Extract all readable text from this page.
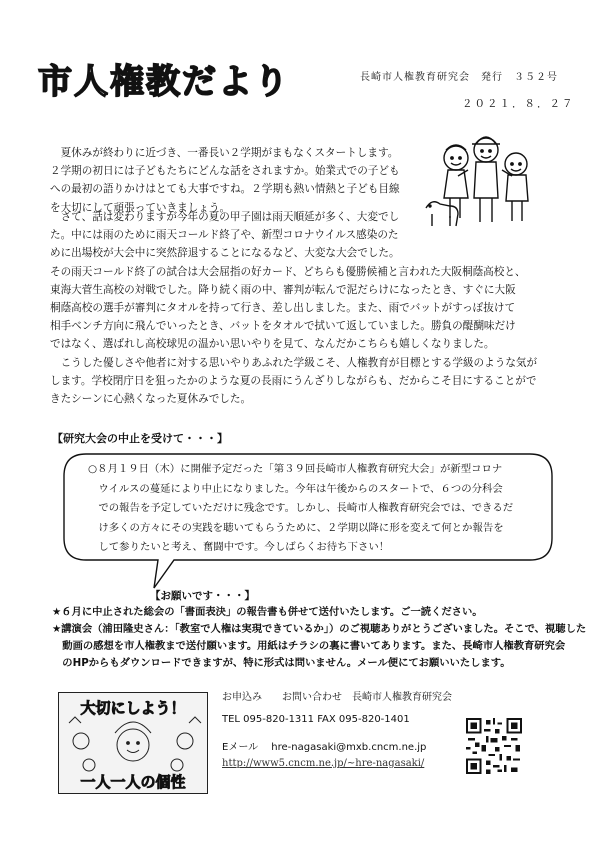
市人権教だより	長崎市人権教育研究会　発行　３５２号
２０２１．８．２７

　夏休みが終わりに近づき、一番長い２学期がまもなくスタートします。

２学期の初日には子どもたちにどんな話をされますか。始業式での子ども

への最初の語りかけはとても大事ですね。２学期も熱い情熱と子ども目線

を大切にして頑張っていきましょう。

　さて、話は変わりますが今年の夏の甲子園は雨天順延が多く、大変でし

た。中には雨のために雨天コールド終了や、新型コロナウイルス感染のた

めに出場校が大会中に突然辞退することになるなど、大変な大会でした。

その雨天コールド終了の試合は大会屈指の好カード、どちらも優勝候補と言われた大阪桐蔭高校と、

東海大菅生高校の対戦でした。降り続く雨の中、審判が転んで泥だらけになったとき、すぐに大阪

桐蔭高校の選手が審判にタオルを持って行き、差し出しました。また、雨でバットがすっぽ抜けて

相手ベンチ方向に飛んでいったとき、バットをタオルで拭いて返していました。勝負の醍醐味だけ

ではなく、選ばれし高校球児の温かい思いやりを見て、なんだかこちらも嬉しくなりました。

　こうした優しさや他者に対する思いやりあふれた学級こそ、人権教育が目標とする学級のような気が

します。学校閉庁日を狙ったかのような夏の長雨にうんざりしながらも、だからこそ目にすることがで

きたシーンに心熱くなった夏休みでした。

【研究大会の中止を受けて・・・】
○８月１９日（木）に開催予定だった「第３９回長崎市人権教育研究大会」が新型コロナ
　ウイルスの蔓延により中止になりました。今年は午後からのスタートで、６つの分科会
　での報告を予定していただけに残念です。しかし、長崎市人権教育研究会では、できるだ
　け多くの方々にその実践を聴いてもらうために、２学期以降に形を変えて何とか報告を
　して参りたいと考え、奮闘中です。今しばらくお待ち下さい！
【お願いです・・・】

★６月に中止された総会の「書面表決」の報告書も併せて送付いたします。ご一読ください。

★講演会（浦田隆史さん：「教室で人権は実現できているか」）のご視聴ありがとうございました。そこで、視聴した

　動画の感想を市人権教まで送付願います。用紙はチラシの裏に書いてあります。また、長崎市人権教育研究会

　のHPからもダウンロードできますが、特に形式は問いません。メール便にてお願いいたします。

大切にしよう！
一人一人の個性
お申込み　　お問い合わせ　長崎市人権教育研究会
TEL 095-820-1311 FAX 095-820-1401
Eメール　 hre-nagasaki@mxb.cncm.ne.jp
http://www5.cncm.ne.jp/~hre-nagasaki/
